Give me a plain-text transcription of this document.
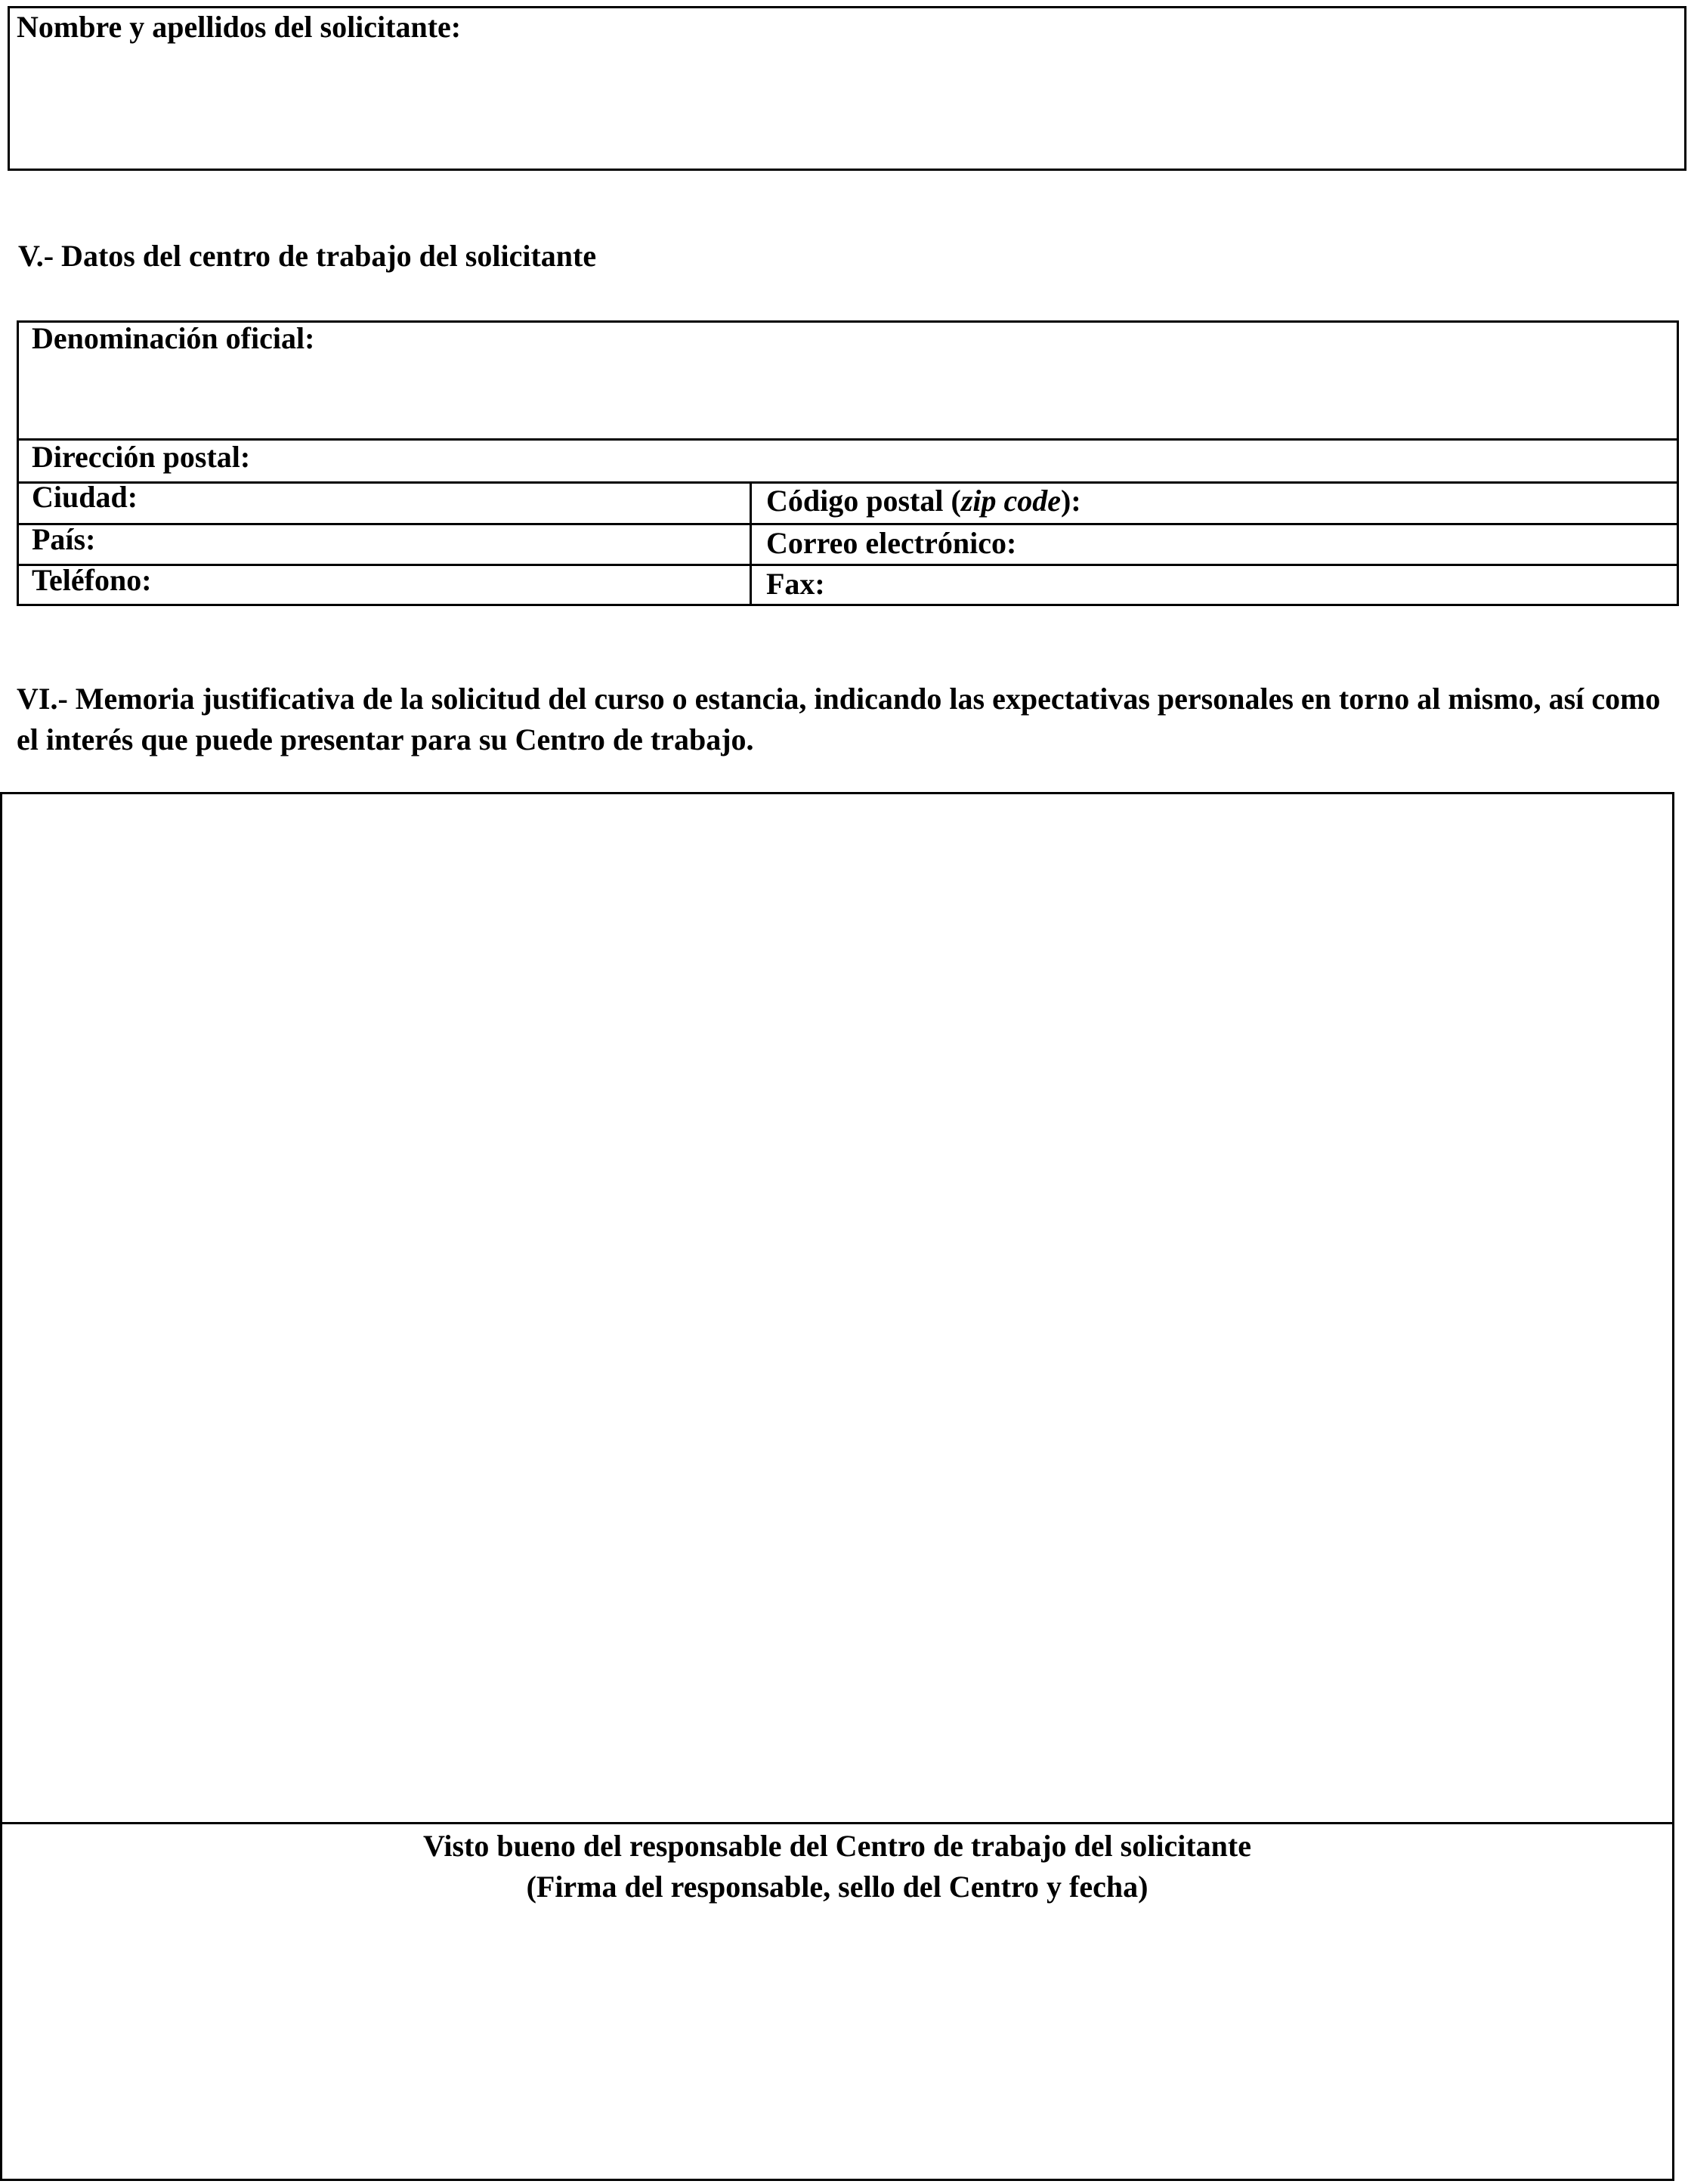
Nombre y apellidos del solicitante:
V.- Datos del centro de trabajo del solicitante
Denominación oficial:
Dirección postal:
Ciudad:	Código postal (zip code):
País:	Correo electrónico:
Teléfono:	Fax:
VI.- Memoria justificativa de la solicitud del curso o estancia, indicando las expectativas personales en torno al mismo, así como el interés que puede presentar para su Centro de trabajo.
Visto bueno del responsable del Centro de trabajo del solicitante
(Firma del responsable, sello del Centro y fecha)
